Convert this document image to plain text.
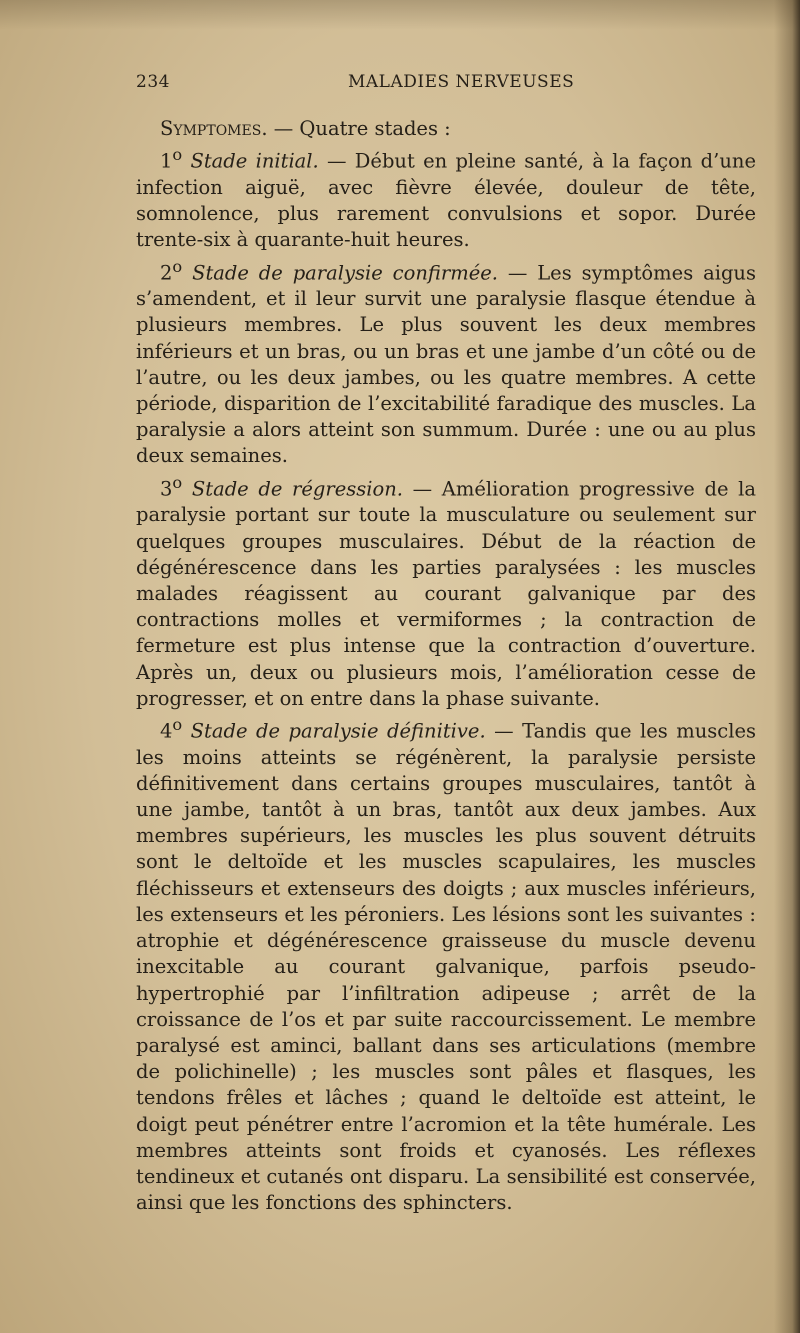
234	MALADIES NERVEUSES

Symptomes. — Quatre stades :

1$^o$ Stade initial. — Début en pleine santé, à la façon d’une infection aiguë, avec fièvre élevée, douleur de tête, somnolence, plus rarement convulsions et sopor. Durée trente-six à quarante-huit heures.

2$^o$ Stade de paralysie confirmée. — Les symptômes aigus s’amendent, et il leur survit une paralysie flasque étendue à plusieurs membres. Le plus souvent les deux membres inférieurs et un bras, ou un bras et une jambe d’un côté ou de l’autre, ou les deux jambes, ou les quatre membres. A cette période, disparition de l’excitabilité faradique des muscles. La paralysie a alors atteint son summum. Durée : une ou au plus deux semaines.

3$^o$ Stade de régression. — Amélioration progressive de la paralysie portant sur toute la musculature ou seulement sur quelques groupes musculaires. Début de la réaction de dégénérescence dans les parties paralysées : les muscles malades réagissent au courant galvanique par des contractions molles et vermiformes ; la contraction de fermeture est plus intense que la contraction d’ouverture. Après un, deux ou plusieurs mois, l’amélioration cesse de progresser, et on entre dans la phase suivante.

4$^o$ Stade de paralysie définitive. — Tandis que les muscles les moins atteints se régénèrent, la paralysie persiste définitivement dans certains groupes musculaires, tantôt à une jambe, tantôt à un bras, tantôt aux deux jambes. Aux membres supérieurs, les muscles les plus souvent détruits sont le deltoïde et les muscles scapulaires, les muscles fléchisseurs et extenseurs des doigts ; aux muscles inférieurs, les extenseurs et les péroniers. Les lésions sont les suivantes : atrophie et dégénérescence graisseuse du muscle devenu inexcitable au courant galvanique, parfois pseudo-hypertrophié par l’infiltration adipeuse ; arrêt de la croissance de l’os et par suite raccourcissement. Le membre paralysé est aminci, ballant dans ses articulations (membre de polichinelle) ; les muscles sont pâles et flasques, les tendons frêles et lâches ; quand le deltoïde est atteint, le doigt peut pénétrer entre l’acromion et la tête humérale. Les membres atteints sont froids et cyanosés. Les réflexes tendineux et cutanés ont disparu. La sensibilité est conservée, ainsi que les fonctions des sphincters.
